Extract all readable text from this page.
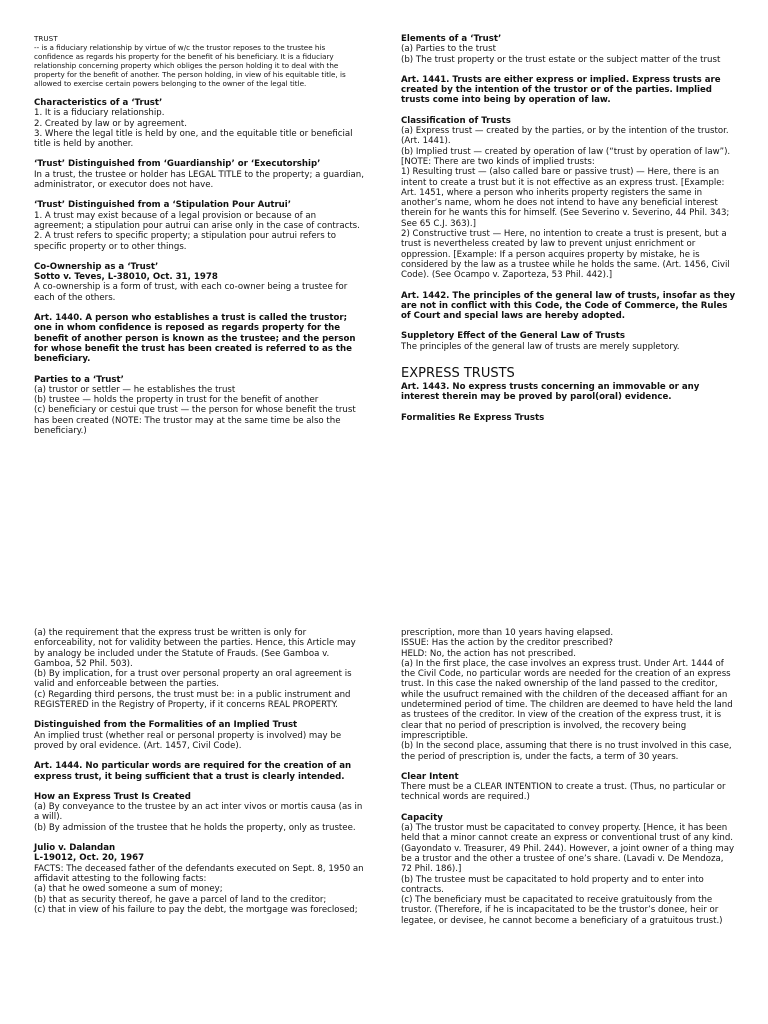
TRUST

-- is a fiduciary relationship by virtue of w/c the trustor reposes to the trustee his confidence as regards his property for the benefit of his beneficiary. It is a fiduciary relationship concerning property which obliges the person holding it to deal with the property for the benefit of another. The person holding, in view of his equitable title, is allowed to exercise certain powers belonging to the owner of the legal title.

Characteristics of a ‘Trust’

1. It is a fiduciary relationship.

2. Created by law or by agreement.

3. Where the legal title is held by one, and the equitable title or beneficial title is held by another.

‘Trust’ Distinguished from ‘Guardianship’ or ‘Executorship’

In a trust, the trustee or holder has LEGAL TITLE to the property; a guardian, administrator, or executor does not have.

‘Trust’ Distinguished from a ‘Stipulation Pour Autrui’

1. A trust may exist because of a legal provision or because of an agreement; a stipulation pour autrui can arise only in the case of contracts.

2. A trust refers to specific property; a stipulation pour autrui refers to specific property or to other things.

Co-Ownership as a ‘Trust’

Sotto v. Teves, L-38010, Oct. 31, 1978

A co-ownership is a form of trust, with each co-owner being a trustee for each of the others.

Art. 1440. A person who establishes a trust is called the trustor; one in whom confidence is reposed as regards property for the benefit of another person is known as the trustee; and the person for whose benefit the trust has been created is referred to as the beneficiary.

Parties to a ‘Trust’

(a) trustor or settler — he establishes the trust

(b) trustee — holds the property in trust for the benefit of another

(c) beneficiary or cestui que trust — the person for whose benefit the trust has been created (NOTE: The trustor may at the same time be also the beneficiary.)

Elements of a ‘Trust’

(a) Parties to the trust

(b) The trust property or the trust estate or the subject matter of the trust

Art. 1441. Trusts are either express or implied. Express trusts are created by the intention of the trustor or of the parties. Implied trusts come into being by operation of law.

Classification of Trusts

(a) Express trust — created by the parties, or by the intention of the trustor. (Art. 1441).

(b) Implied trust — created by operation of law (“trust by operation of law”).

[NOTE: There are two kinds of implied trusts:

1) Resulting trust — (also called bare or passive trust) — Here, there is an intent to create a trust but it is not effective as an express trust. [Example: Art. 1451, where a person who inherits property registers the same in another’s name, whom he does not intend to have any beneficial interest therein for he wants this for himself. (See Severino v. Severino, 44 Phil. 343; See 65 C.J. 363).]

2) Constructive trust — Here, no intention to create a trust is present, but a trust is nevertheless created by law to prevent unjust enrichment or oppression. [Example: If a person acquires property by mistake, he is considered by the law as a trustee while he holds the same. (Art. 1456, Civil Code). (See Ocampo v. Zaporteza, 53 Phil. 442).]

Art. 1442. The principles of the general law of trusts, insofar as they are not in conflict with this Code, the Code of Commerce, the Rules of Court and special laws are hereby adopted.

Suppletory Effect of the General Law of Trusts

The principles of the general law of trusts are merely suppletory.

EXPRESS TRUSTS

Art. 1443. No express trusts concerning an immovable or any interest therein may be proved by parol(oral) evidence.

Formalities Re Express Trusts

(a) the requirement that the express trust be written is only for enforceability, not for validity between the parties. Hence, this Article may by analogy be included under the Statute of Frauds. (See Gamboa v. Gamboa, 52 Phil. 503).

(b) By implication, for a trust over personal property an oral agreement is valid and enforceable between the parties.

(c) Regarding third persons, the trust must be: in a public instrument and REGISTERED in the Registry of Property, if it concerns REAL PROPERTY.

Distinguished from the Formalities of an Implied Trust

An implied trust (whether real or personal property is involved) may be proved by oral evidence. (Art. 1457, Civil Code).

Art. 1444. No particular words are required for the creation of an express trust, it being sufficient that a trust is clearly intended.

How an Express Trust Is Created

(a) By conveyance to the trustee by an act inter vivos or mortis causa (as in a will).

(b) By admission of the trustee that he holds the property, only as trustee.

Julio v. Dalandan

L-19012, Oct. 20, 1967

FACTS: The deceased father of the defendants executed on Sept. 8, 1950 an affidavit attesting to the following facts:

(a) that he owed someone a sum of money;

(b) that as security thereof, he gave a parcel of land to the creditor;

(c) that in view of his failure to pay the debt, the mortgage was foreclosed;

prescription, more than 10 years having elapsed.

ISSUE: Has the action by the creditor prescribed?

HELD: No, the action has not prescribed.

(a) In the first place, the case involves an express trust. Under Art. 1444 of the Civil Code, no particular words are needed for the creation of an express trust. In this case the naked ownership of the land passed to the creditor, while the usufruct remained with the children of the deceased affiant for an undetermined period of time. The children are deemed to have held the land as trustees of the creditor. In view of the creation of the express trust, it is clear that no period of prescription is involved, the recovery being imprescriptible.

(b) In the second place, assuming that there is no trust involved in this case, the period of prescription is, under the facts, a term of 30 years.

Clear Intent

There must be a CLEAR INTENTION to create a trust. (Thus, no particular or technical words are required.)

Capacity

(a) The trustor must be capacitated to convey property. [Hence, it has been held that a minor cannot create an express or conventional trust of any kind. (Gayondato v. Treasurer, 49 Phil. 244). However, a joint owner of a thing may be a trustor and the other a trustee of one’s share. (Lavadi v. De Mendoza, 72 Phil. 186).]

(b) The trustee must be capacitated to hold property and to enter into contracts.

(c) The beneficiary must be capacitated to receive gratuitously from the trustor. (Therefore, if he is incapacitated to be the trustor’s donee, heir or legatee, or devisee, he cannot become a beneficiary of a gratuitous trust.)
